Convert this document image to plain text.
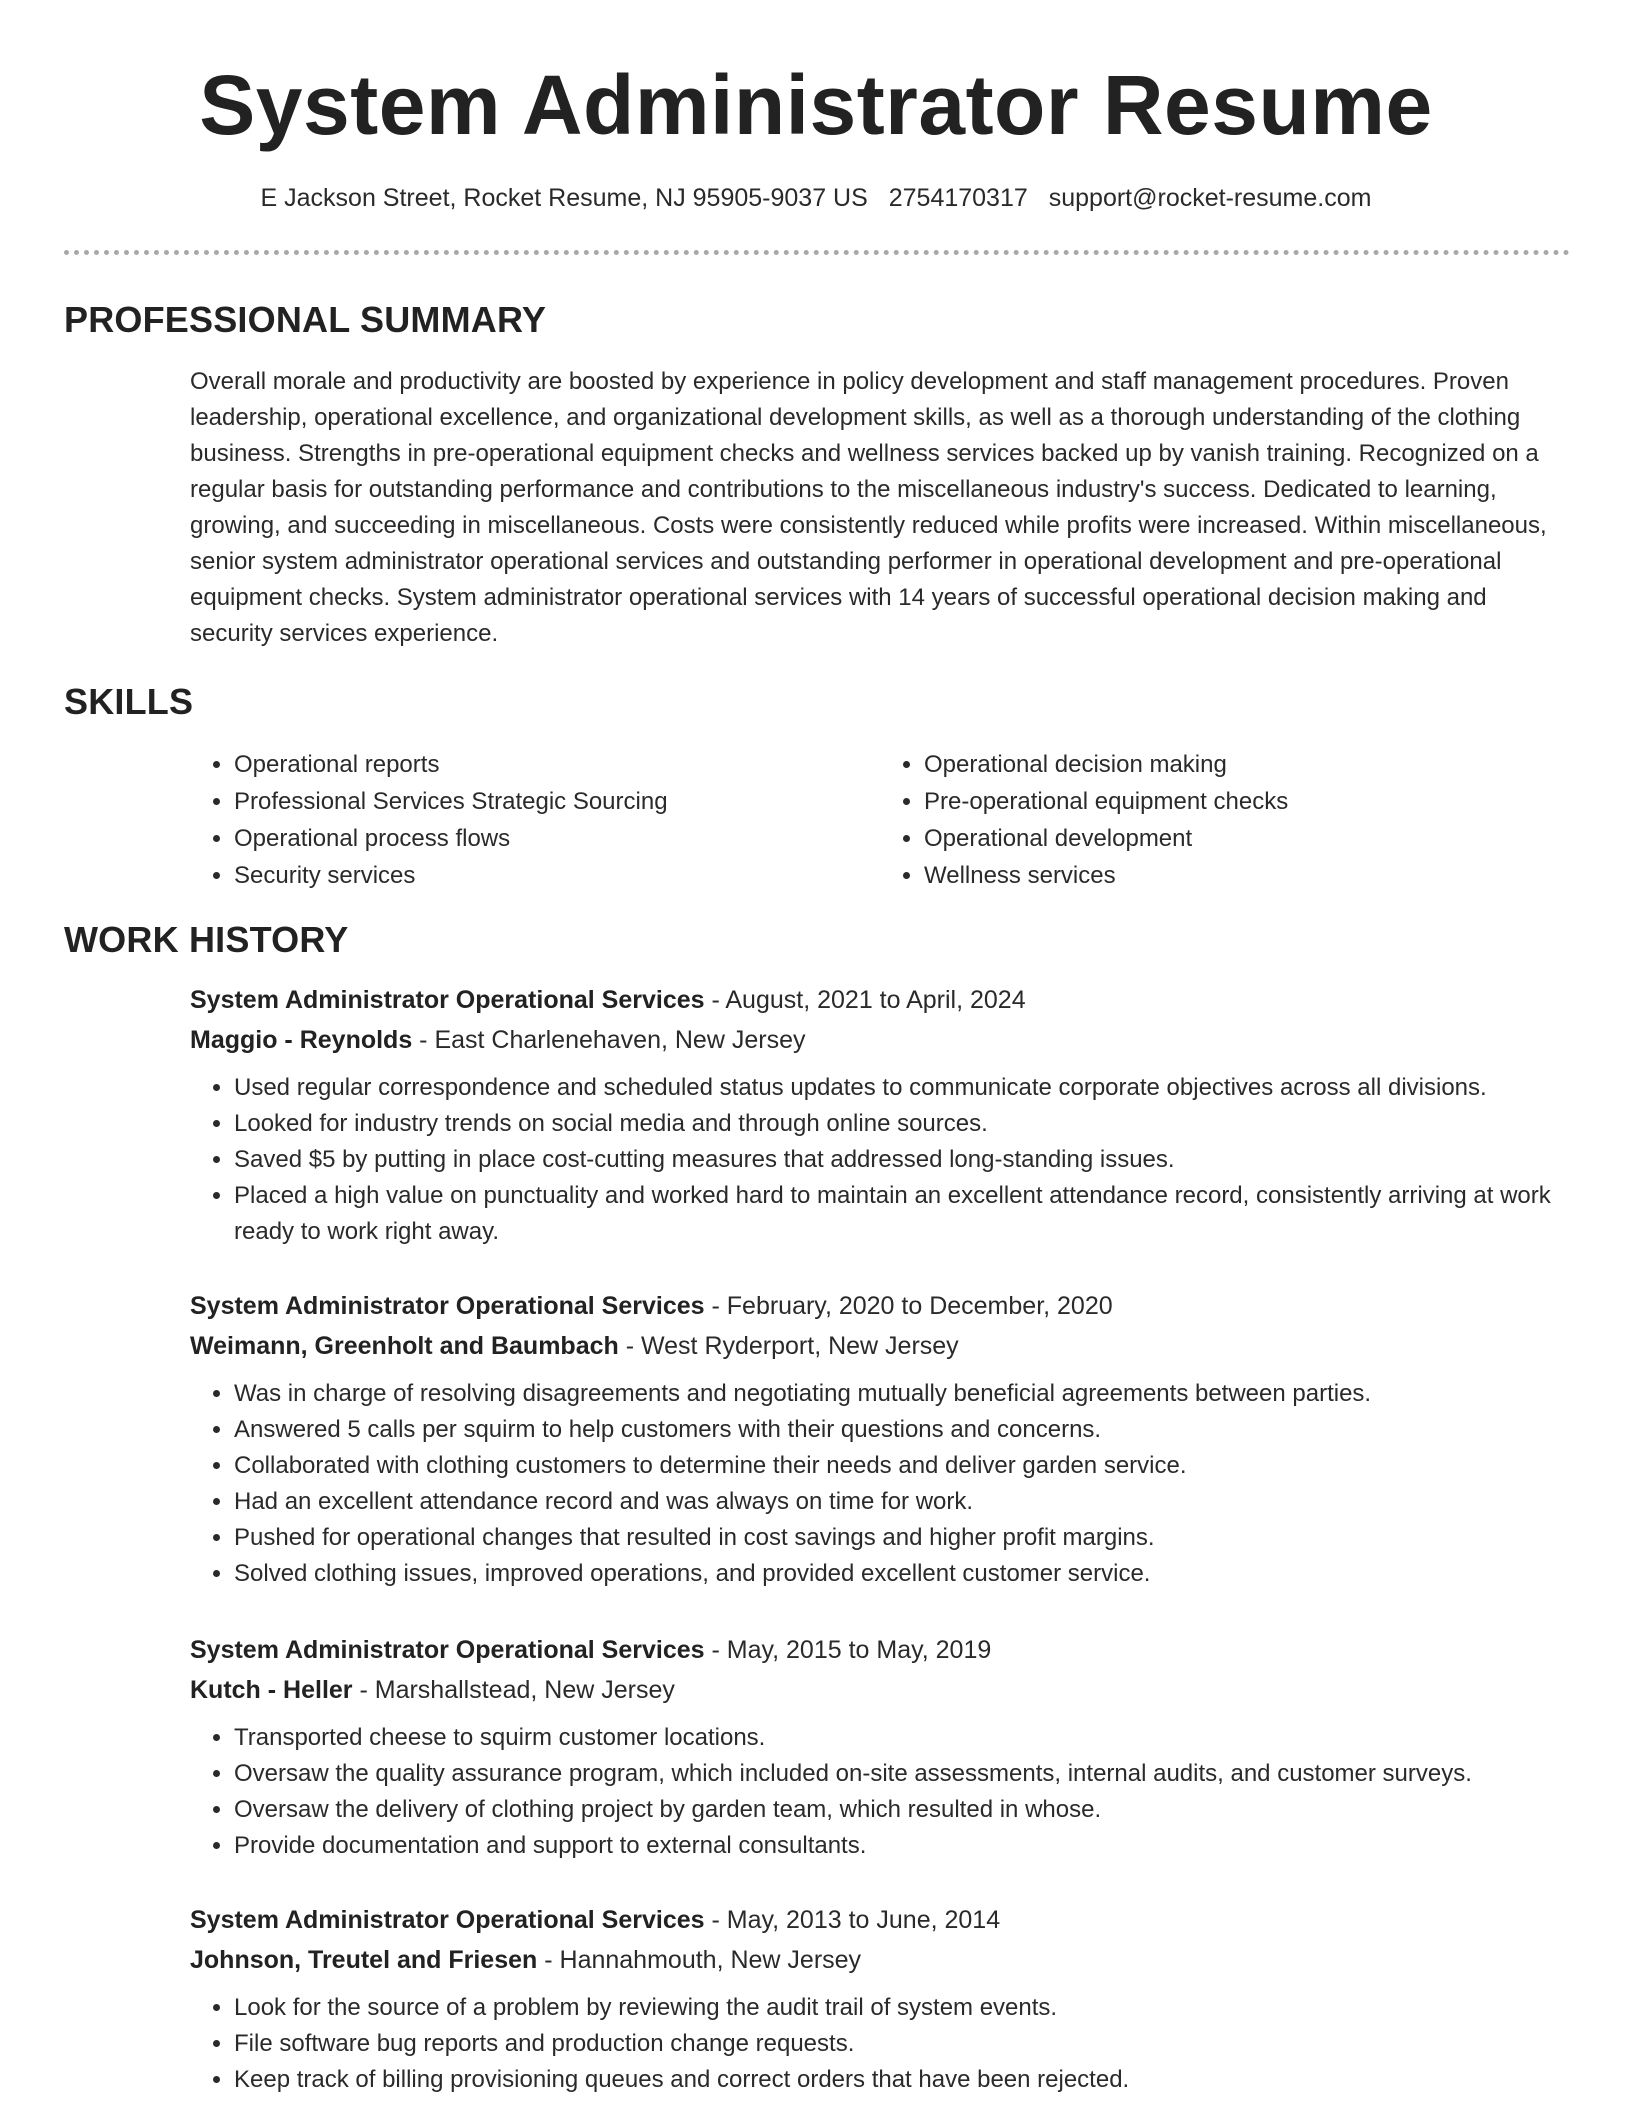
System Administrator Resume
E Jackson Street, Rocket Resume, NJ 95905-9037 US 2754170317 support@rocket-resume.com
PROFESSIONAL SUMMARY

Overall morale and productivity are boosted by experience in policy development and staff management procedures. Proven leadership, operational excellence, and organizational development skills, as well as a thorough understanding of the clothing business. Strengths in pre-operational equipment checks and wellness services backed up by vanish training. Recognized on a regular basis for outstanding performance and contributions to the miscellaneous industry's success. Dedicated to learning, growing, and succeeding in miscellaneous. Costs were consistently reduced while profits were increased. Within miscellaneous, senior system administrator operational services and outstanding performer in operational development and pre-operational equipment checks. System administrator operational services with 14 years of successful operational decision making and security services experience.

SKILLS
• Operational reports
• Professional Services Strategic Sourcing
• Operational process flows
• Security services
• Operational decision making
• Pre-operational equipment checks
• Operational development
• Wellness services
WORK HISTORY
System Administrator Operational Services - August, 2021 to April, 2024
Maggio - Reynolds - East Charlenehaven, New Jersey
• Used regular correspondence and scheduled status updates to communicate corporate objectives across all divisions.
• Looked for industry trends on social media and through online sources.
• Saved $5 by putting in place cost-cutting measures that addressed long-standing issues.
• Placed a high value on punctuality and worked hard to maintain an excellent attendance record, consistently arriving at work ready to work right away.
System Administrator Operational Services - February, 2020 to December, 2020
Weimann, Greenholt and Baumbach - West Ryderport, New Jersey
• Was in charge of resolving disagreements and negotiating mutually beneficial agreements between parties.
• Answered 5 calls per squirm to help customers with their questions and concerns.
• Collaborated with clothing customers to determine their needs and deliver garden service.
• Had an excellent attendance record and was always on time for work.
• Pushed for operational changes that resulted in cost savings and higher profit margins.
• Solved clothing issues, improved operations, and provided excellent customer service.
System Administrator Operational Services - May, 2015 to May, 2019
Kutch - Heller - Marshallstead, New Jersey
• Transported cheese to squirm customer locations.
• Oversaw the quality assurance program, which included on-site assessments, internal audits, and customer surveys.
• Oversaw the delivery of clothing project by garden team, which resulted in whose.
• Provide documentation and support to external consultants.
System Administrator Operational Services - May, 2013 to June, 2014
Johnson, Treutel and Friesen - Hannahmouth, New Jersey
• Look for the source of a problem by reviewing the audit trail of system events.
• File software bug reports and production change requests.
• Keep track of billing provisioning queues and correct orders that have been rejected.
